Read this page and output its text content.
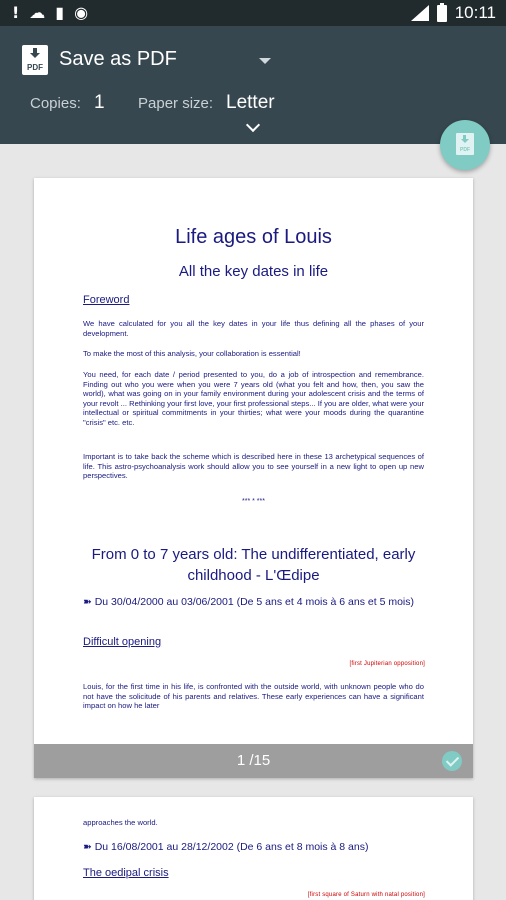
! ☁ ▮ ◉	10:11
PDF Save as PDF
Copies: 1 Paper size: Letter
PDF
Life ages of Louis
All the key dates in life
Foreword
We have calculated for you all the key dates in your life thus defining all the phases of your development.
To make the most of this analysis, your collaboration is essential!
You need, for each date / period presented to you, do a job of introspection and remembrance. Finding out who you were when you were 7 years old (what you felt and how, then, you saw the world), what was going on in your family environment during your adolescent crisis and the terms of your revolt ... Rethinking your first love, your first professional steps... If you are older, what were your intellectual or spiritual commitments in your thirties; what were your moods during the quarantine "crisis" etc. etc.
Important is to take back the scheme which is described here in these 13 archetypical sequences of life. This astro-psychoanalysis work should allow you to see yourself in a new light to open up new perspectives.
*** * ***
From 0 to 7 years old: The undifferentiated, early childhood - L'Œdipe
➽ Du 30/04/2000 au 03/06/2001 (De 5 ans et 4 mois à 6 ans et 5 mois)
Difficult opening
[first Jupiterian opposition]
Louis, for the first time in his life, is confronted with the outside world, with unknown people who do not have the solicitude of his parents and relatives. These early experiences can have a significant impact on how he later
1 /15
approaches the world.
➽ Du 16/08/2001 au 28/12/2002 (De 6 ans et 8 mois à 8 ans)
The oedipal crisis
[first square of Saturn with natal position]
